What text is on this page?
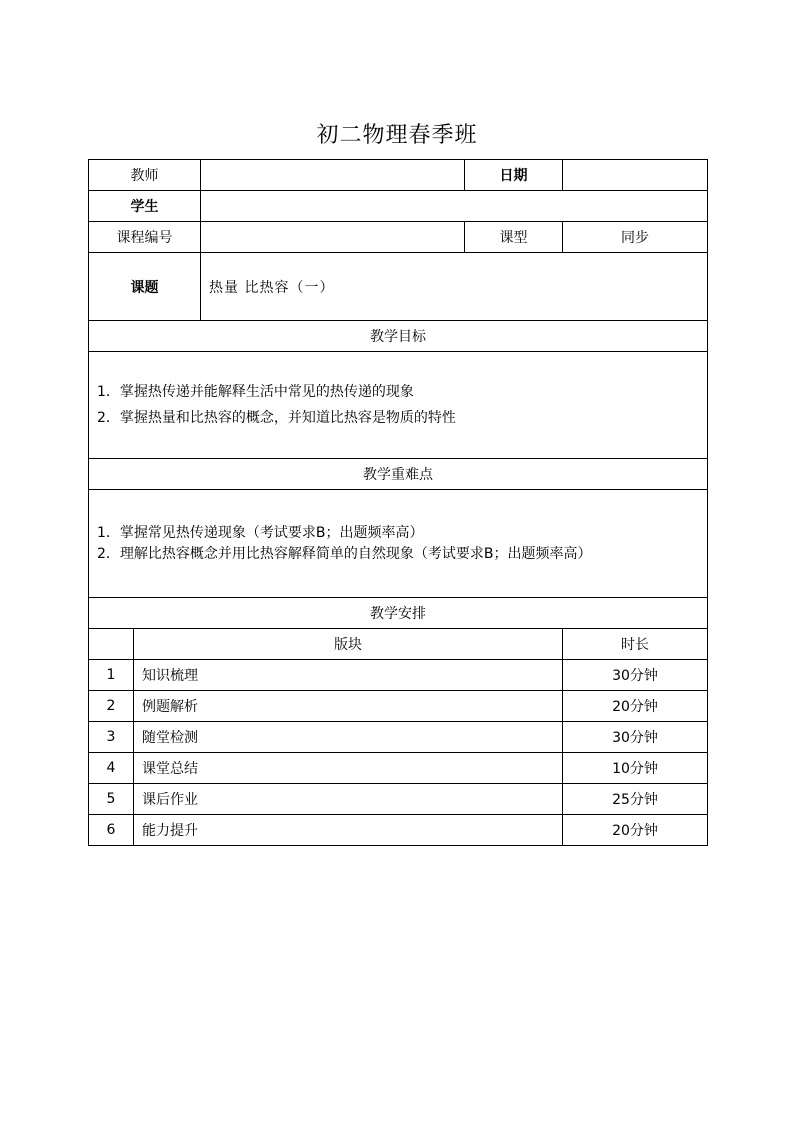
初二物理春季班
教师			日期	
学生				
课程编号			课型	同步
课题		热量 比热容（一）		
教学目标				

1．掌握热传递并能解释生活中常见的热传递的现象
2．掌握热量和比热容的概念，并知道比热容是物质的特性				

教学重难点				

1．掌握常见热传递现象（考试要求B；出题频率高）
2．理解比热容概念并用比热容解释简单的自然现象（考试要求B；出题频率高）				

教学安排				
	版块			时长
1	知识梳理			30分钟
2	例题解析			20分钟
3	随堂检测			30分钟
4	课堂总结			10分钟
5	课后作业			25分钟
6	能力提升			20分钟
